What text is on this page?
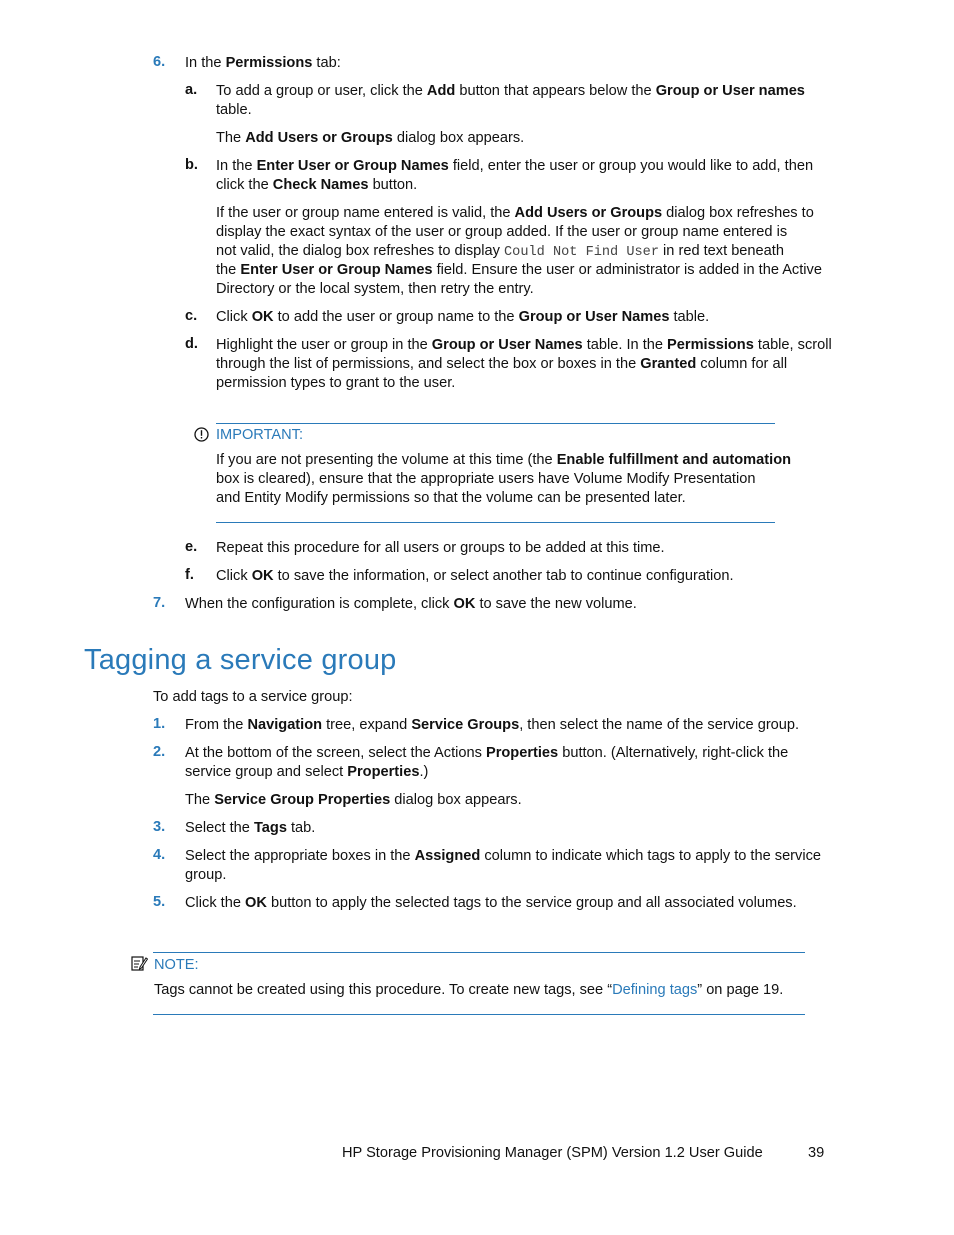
6. In the Permissions tab:
a. To add a group or user, click the Add button that appears below the Group or User names
table.
The Add Users or Groups dialog box appears.
b. In the Enter User or Group Names field, enter the user or group you would like to add, then
click the Check Names button.
If the user or group name entered is valid, the Add Users or Groups dialog box refreshes to
display the exact syntax of the user or group added. If the user or group name entered is
not valid, the dialog box refreshes to display Could Not Find User in red text beneath
the Enter User or Group Names field. Ensure the user or administrator is added in the Active
Directory or the local system, then retry the entry.
c. Click OK to add the user or group name to the Group or User Names table.
d. Highlight the user or group in the Group or User Names table. In the Permissions table, scroll
through the list of permissions, and select the box or boxes in the Granted column for all
permission types to grant to the user.
IMPORTANT:
If you are not presenting the volume at this time (the Enable fulfillment and automation
box is cleared), ensure that the appropriate users have Volume Modify Presentation
and Entity Modify permissions so that the volume can be presented later.
e. Repeat this procedure for all users or groups to be added at this time.
f. Click OK to save the information, or select another tab to continue configuration.
7. When the configuration is complete, click OK to save the new volume.
Tagging a service group
To add tags to a service group:
1. From the Navigation tree, expand Service Groups, then select the name of the service group.
2. At the bottom of the screen, select the Actions Properties button. (Alternatively, right-click the
service group and select Properties.)
The Service Group Properties dialog box appears.
3. Select the Tags tab.
4. Select the appropriate boxes in the Assigned column to indicate which tags to apply to the service
group.
5. Click the OK button to apply the selected tags to the service group and all associated volumes.
NOTE:
Tags cannot be created using this procedure. To create new tags, see “Defining tags” on page 19.
HP Storage Provisioning Manager (SPM) Version 1.2 User Guide	39
